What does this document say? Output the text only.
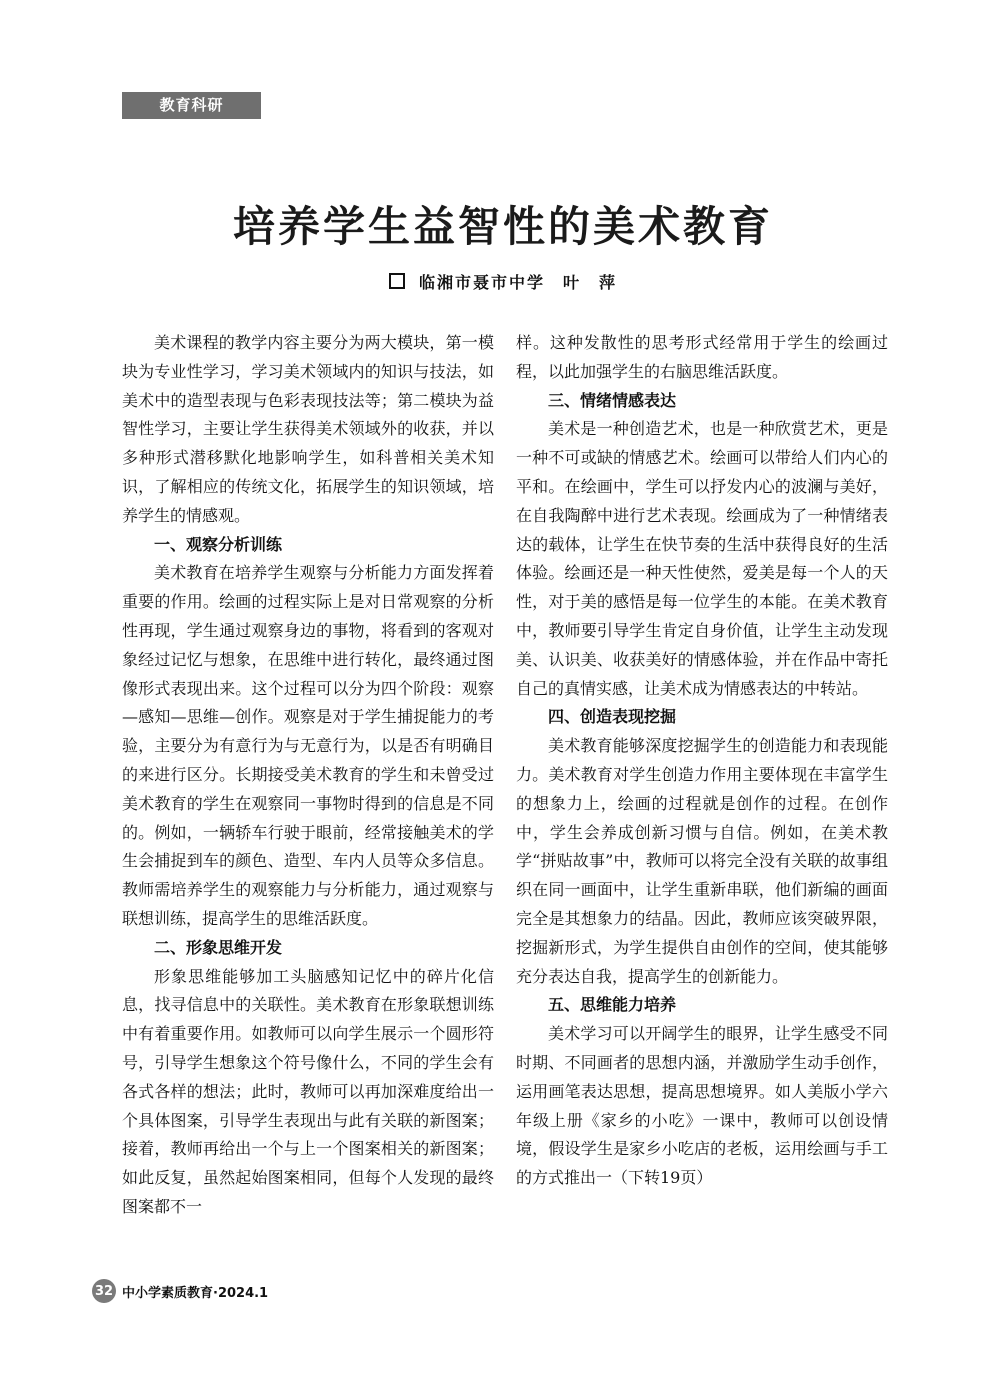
教育科研
培养学生益智性的美术教育
临湘市聂市中学 叶　萍

美术课程的教学内容主要分为两大模块，第一模块为专业性学习，学习美术领域内的知识与技法，如美术中的造型表现与色彩表现技法等；第二模块为益智性学习，主要让学生获得美术领域外的收获，并以多种形式潜移默化地影响学生，如科普相关美术知识，了解相应的传统文化，拓展学生的知识领域，培养学生的情感观。

一、观察分析训练

美术教育在培养学生观察与分析能力方面发挥着重要的作用。绘画的过程实际上是对日常观察的分析性再现，学生通过观察身边的事物，将看到的客观对象经过记忆与想象，在思维中进行转化，最终通过图像形式表现出来。这个过程可以分为四个阶段：观察—感知—思维—创作。观察是对于学生捕捉能力的考验，主要分为有意行为与无意行为，以是否有明确目的来进行区分。长期接受美术教育的学生和未曾受过美术教育的学生在观察同一事物时得到的信息是不同的。例如，一辆轿车行驶于眼前，经常接触美术的学生会捕捉到车的颜色、造型、车内人员等众多信息。教师需培养学生的观察能力与分析能力，通过观察与联想训练，提高学生的思维活跃度。

二、形象思维开发

形象思维能够加工头脑感知记忆中的碎片化信息，找寻信息中的关联性。美术教育在形象联想训练中有着重要作用。如教师可以向学生展示一个圆形符号，引导学生想象这个符号像什么，不同的学生会有各式各样的想法；此时，教师可以再加深难度给出一个具体图案，引导学生表现出与此有关联的新图案；接着，教师再给出一个与上一个图案相关的新图案；如此反复，虽然起始图案相同，但每个人发现的最终图案都不一

样。这种发散性的思考形式经常用于学生的绘画过程，以此加强学生的右脑思维活跃度。

三、情绪情感表达

美术是一种创造艺术，也是一种欣赏艺术，更是一种不可或缺的情感艺术。绘画可以带给人们内心的平和。在绘画中，学生可以抒发内心的波澜与美好，在自我陶醉中进行艺术表现。绘画成为了一种情绪表达的载体，让学生在快节奏的生活中获得良好的生活体验。绘画还是一种天性使然，爱美是每一个人的天性，对于美的感悟是每一位学生的本能。在美术教育中，教师要引导学生肯定自身价值，让学生主动发现美、认识美、收获美好的情感体验，并在作品中寄托自己的真情实感，让美术成为情感表达的中转站。

四、创造表现挖掘

美术教育能够深度挖掘学生的创造能力和表现能力。美术教育对学生创造力作用主要体现在丰富学生的想象力上，绘画的过程就是创作的过程。在创作中，学生会养成创新习惯与自信。例如，在美术教学“拼贴故事”中，教师可以将完全没有关联的故事组织在同一画面中，让学生重新串联，他们新编的画面完全是其想象力的结晶。因此，教师应该突破界限，挖掘新形式，为学生提供自由创作的空间，使其能够充分表达自我，提高学生的创新能力。

五、思维能力培养

美术学习可以开阔学生的眼界，让学生感受不同时期、不同画者的思想内涵，并激励学生动手创作，运用画笔表达思想，提高思想境界。如人美版小学六年级上册《家乡的小吃》一课中，教师可以创设情境，假设学生是家乡小吃店的老板，运用绘画与手工的方式推出一（下转19页）

32 中小学素质教育·2024.1
